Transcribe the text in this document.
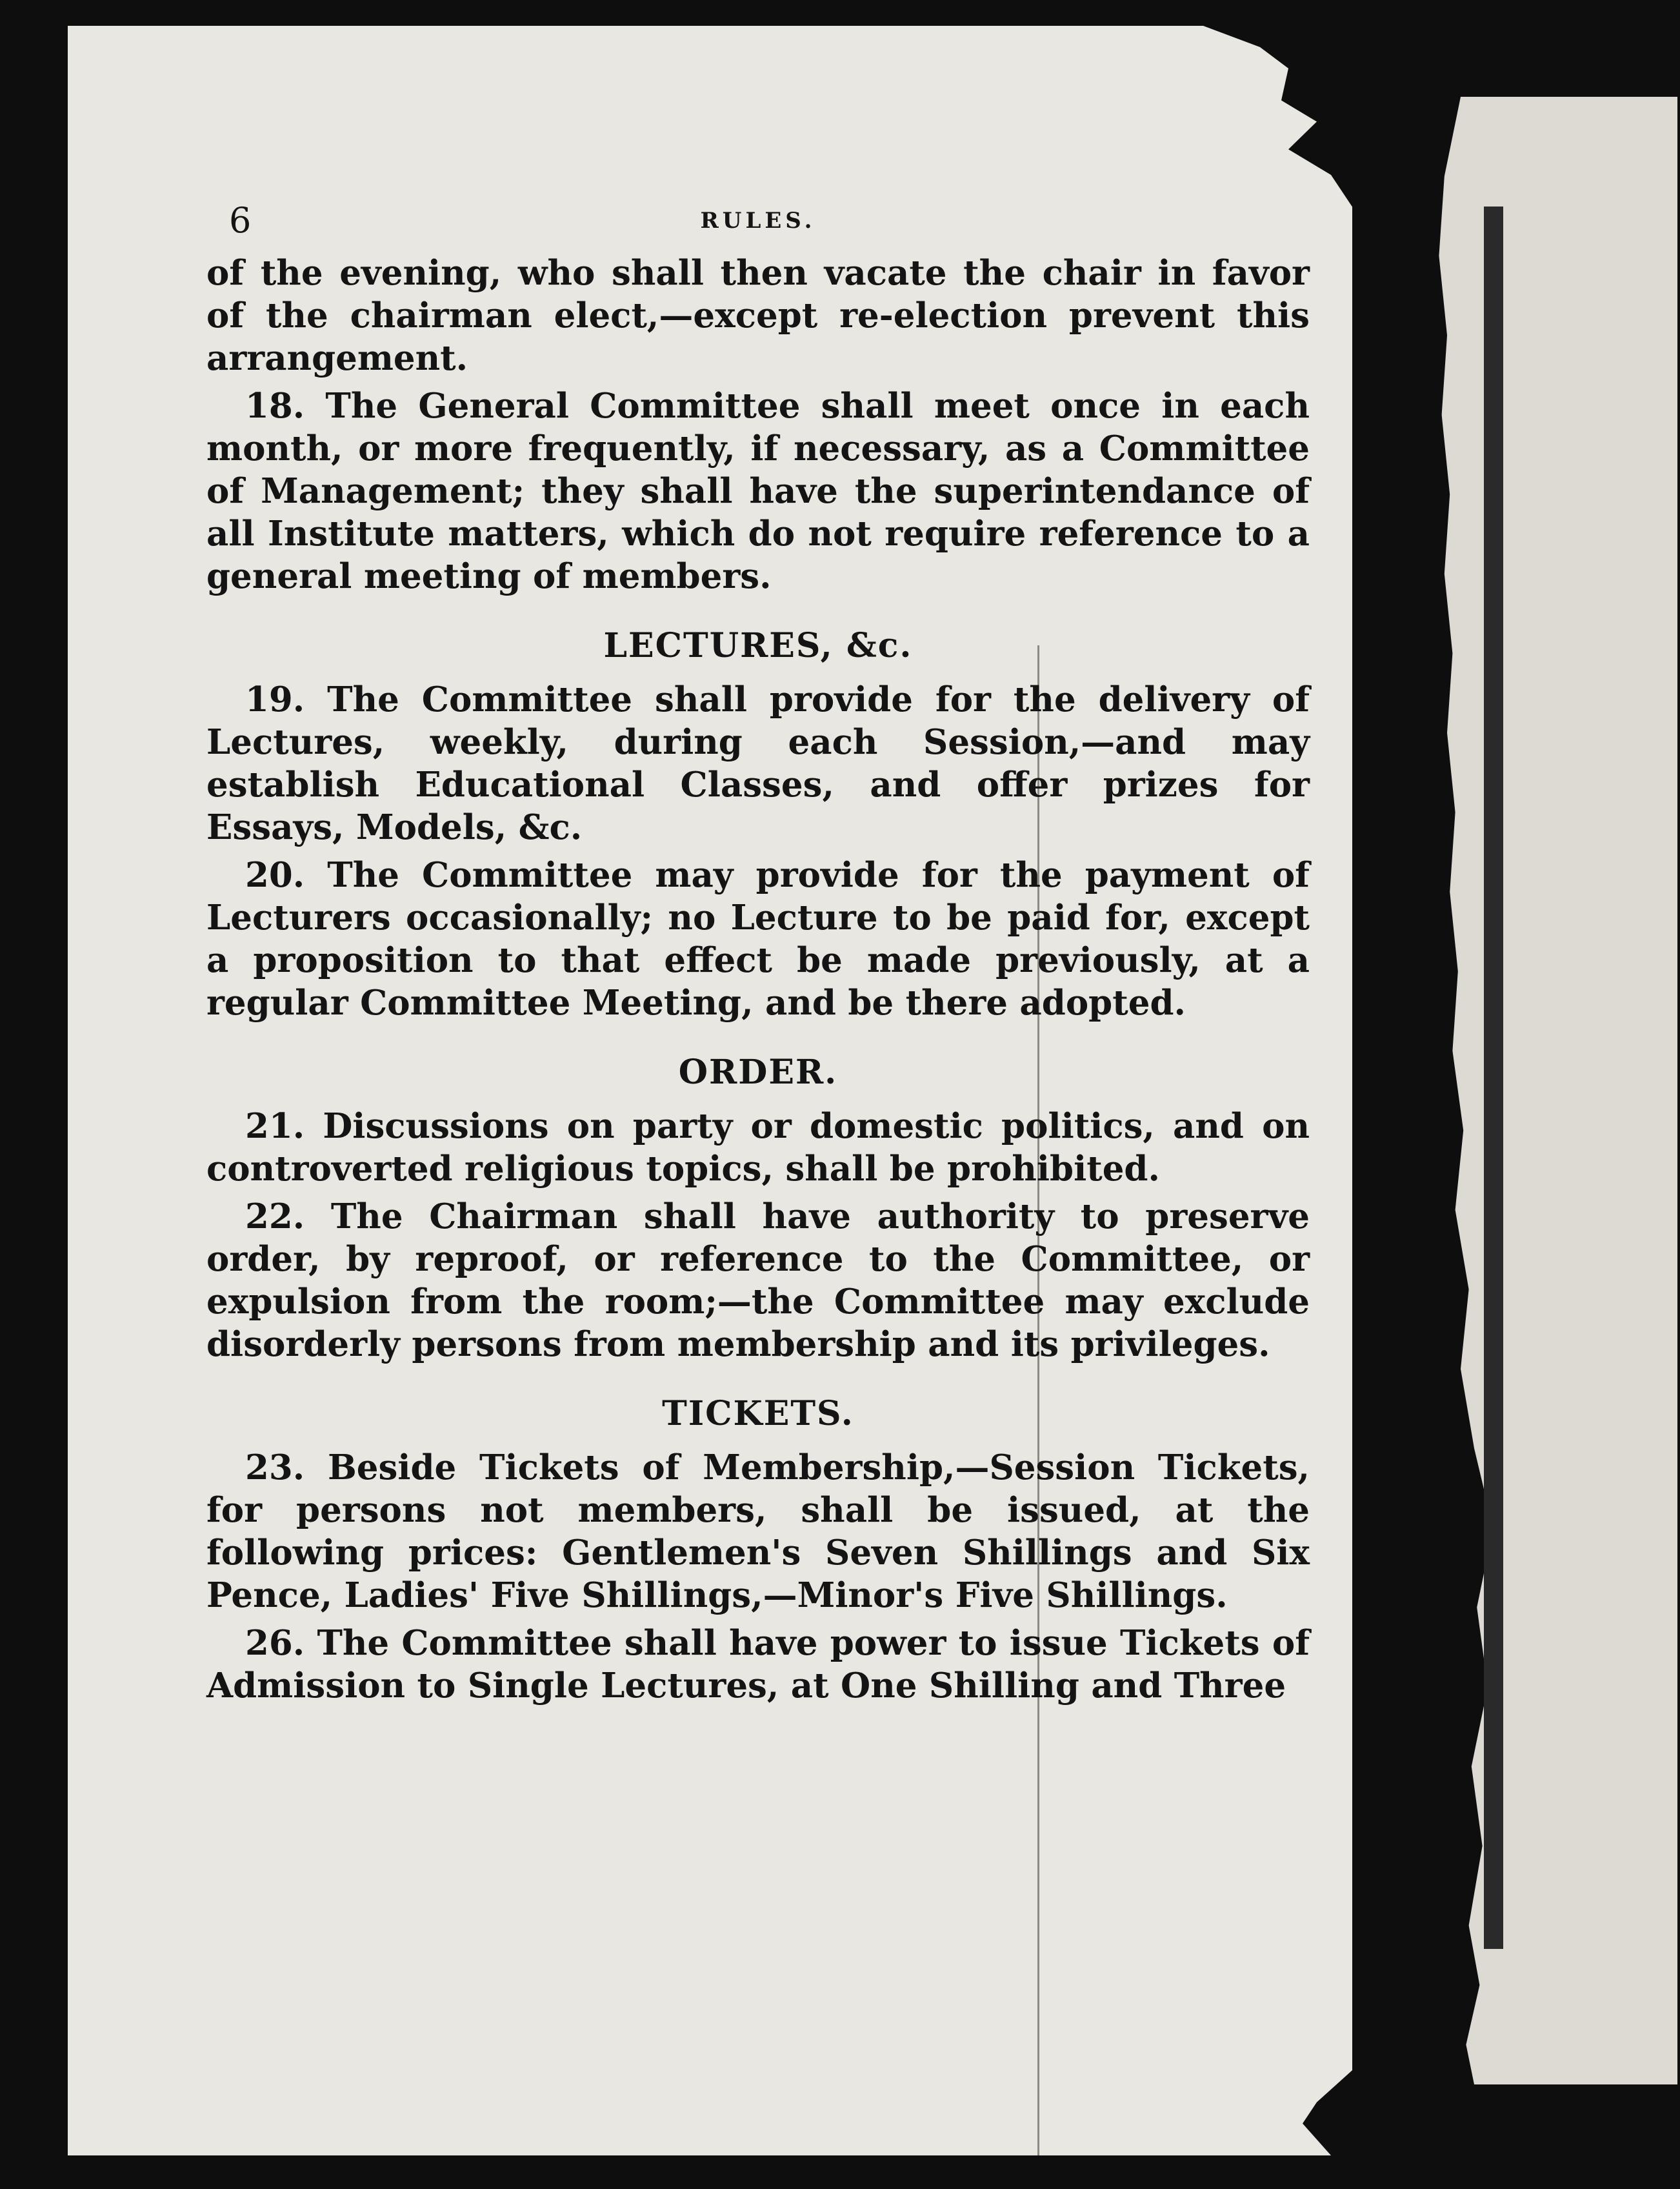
6	RULES.

of the evening, who shall then vacate the chair in favor of the chairman elect,—except re-election prevent this arrangement.

18. The General Committee shall meet once in each month, or more frequently, if necessary, as a Committee of Management; they shall have the superintendance of all Institute matters, which do not require reference to a general meeting of members.

LECTURES, &c.

19. The Committee shall provide for the delivery of Lectures, weekly, during each Session,—and may establish Educational Classes, and offer prizes for Essays, Models, &c.

20. The Committee may provide for the payment of Lecturers occasionally; no Lecture to be paid for, except a proposition to that effect be made previously, at a regular Committee Meeting, and be there adopted.

ORDER.

21. Discussions on party or domestic politics, and on controverted religious topics, shall be prohibited.

22. The Chairman shall have authority to preserve order, by reproof, or reference to the Committee, or expulsion from the room;—the Committee may exclude disorderly persons from membership and its privileges.

TICKETS.

23. Beside Tickets of Membership,—Session Tickets, for persons not members, shall be issued, at the following prices: Gentlemen's Seven Shillings and Six Pence, Ladies' Five Shillings,—Minor's Five Shillings.

26. The Committee shall have power to issue Tickets of Admission to Single Lectures, at One Shilling and Three
